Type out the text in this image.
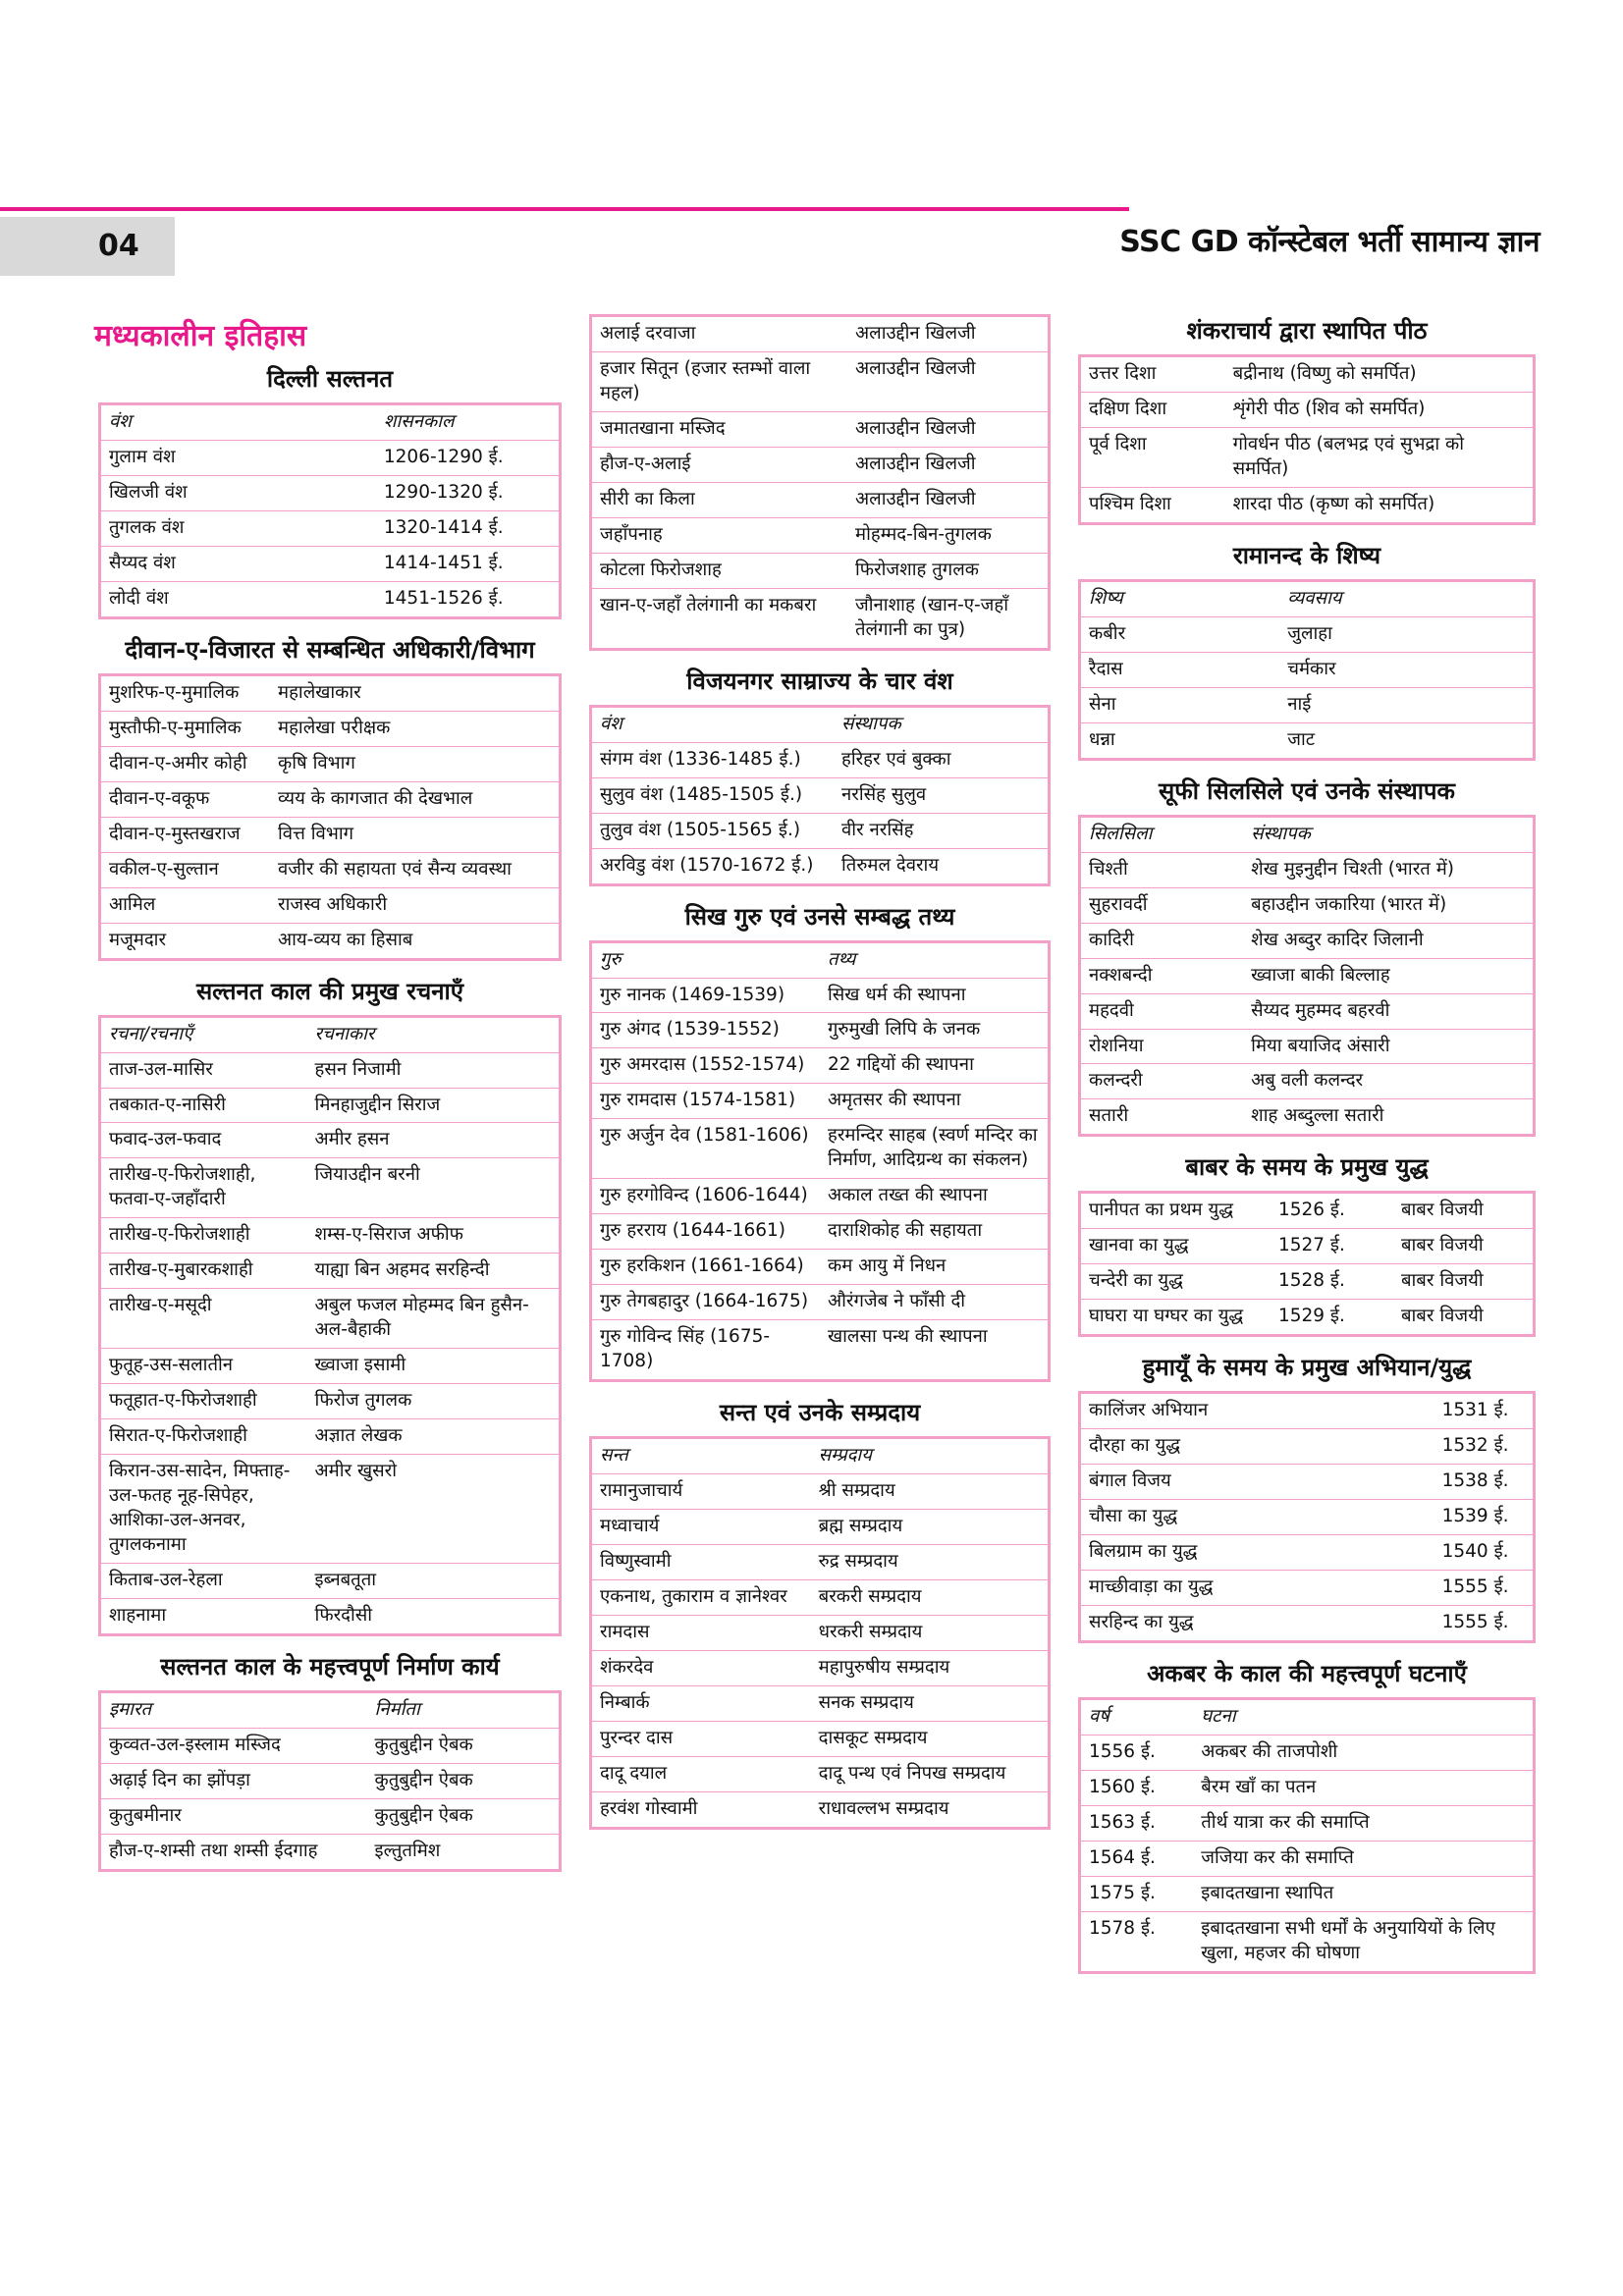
04	SSC GD कॉन्स्टेबल भर्ती सामान्य ज्ञान
मध्यकालीन इतिहास
दिल्ली सल्तनत
वंश	शासनकाल
गुलाम वंश	1206-1290 ई.
खिलजी वंश	1290-1320 ई.
तुगलक वंश	1320-1414 ई.
सैय्यद वंश	1414-1451 ई.
लोदी वंश	1451-1526 ई.
दीवान-ए-विजारत से सम्बन्धित अधिकारी/विभाग
मुशरिफ-ए-मुमालिक	महालेखाकार
मुस्तौफी-ए-मुमालिक	महालेखा परीक्षक
दीवान-ए-अमीर कोही	कृषि विभाग
दीवान-ए-वकूफ	व्यय के कागजात की देखभाल
दीवान-ए-मुस्तखराज	वित्त विभाग
वकील-ए-सुल्तान	वजीर की सहायता एवं सैन्य व्यवस्था
आमिल	राजस्व अधिकारी
मजूमदार	आय-व्यय का हिसाब
सल्तनत काल की प्रमुख रचनाएँ
रचना/रचनाएँ	रचनाकार
ताज-उल-मासिर	हसन निजामी
तबकात-ए-नासिरी	मिनहाजुद्दीन सिराज
फवाद-उल-फवाद	अमीर हसन
तारीख-ए-फिरोजशाही, फतवा-ए-जहाँदारी	जियाउद्दीन बरनी
तारीख-ए-फिरोजशाही	शम्स-ए-सिराज अफीफ
तारीख-ए-मुबारकशाही	याह्या बिन अहमद सरहिन्दी
तारीख-ए-मसूदी	अबुल फजल मोहम्मद बिन हुसैन-अल-बैहाकी
फुतूह-उस-सलातीन	ख्वाजा इसामी
फतूहात-ए-फिरोजशाही	फिरोज तुगलक
सिरात-ए-फिरोजशाही	अज्ञात लेखक
किरान-उस-सादेन, मिफ्ताह-उल-फतह नूह-सिपेहर, आशिका-उल-अनवर, तुगलकनामा	अमीर खुसरो
किताब-उल-रेहला	इब्नबतूता
शाहनामा	फिरदौसी
सल्तनत काल के महत्त्वपूर्ण निर्माण कार्य
इमारत	निर्माता
कुव्वत-उल-इस्लाम मस्जिद	कुतुबुद्दीन ऐबक
अढ़ाई दिन का झोंपड़ा	कुतुबुद्दीन ऐबक
कुतुबमीनार	कुतुबुद्दीन ऐबक
हौज-ए-शम्सी तथा शम्सी ईदगाह	इल्तुतमिश
अलाई दरवाजा	अलाउद्दीन खिलजी
हजार सितून (हजार स्तम्भों वाला महल)	अलाउद्दीन खिलजी
जमातखाना मस्जिद	अलाउद्दीन खिलजी
हौज-ए-अलाई	अलाउद्दीन खिलजी
सीरी का किला	अलाउद्दीन खिलजी
जहाँपनाह	मोहम्मद-बिन-तुगलक
कोटला फिरोजशाह	फिरोजशाह तुगलक
खान-ए-जहाँ तेलंगानी का मकबरा	जौनाशाह (खान-ए-जहाँ तेलंगानी का पुत्र)
विजयनगर साम्राज्य के चार वंश
वंश	संस्थापक
संगम वंश (1336-1485 ई.)	हरिहर एवं बुक्का
सुलुव वंश (1485-1505 ई.)	नरसिंह सुलुव
तुलुव वंश (1505-1565 ई.)	वीर नरसिंह
अरविडु वंश (1570-1672 ई.)	तिरुमल देवराय
सिख गुरु एवं उनसे सम्बद्ध तथ्य
गुरु	तथ्य
गुरु नानक (1469-1539)	सिख धर्म की स्थापना
गुरु अंगद (1539-1552)	गुरुमुखी लिपि के जनक
गुरु अमरदास (1552-1574)	22 गद्दियों की स्थापना
गुरु रामदास (1574-1581)	अमृतसर की स्थापना
गुरु अर्जुन देव (1581-1606)	हरमन्दिर साहब (स्वर्ण मन्दिर का निर्माण, आदिग्रन्थ का संकलन)
गुरु हरगोविन्द (1606-1644)	अकाल तख्त की स्थापना
गुरु हरराय (1644-1661)	दाराशिकोह की सहायता
गुरु हरकिशन (1661-1664)	कम आयु में निधन
गुरु तेगबहादुर (1664-1675)	औरंगजेब ने फाँसी दी
गुरु गोविन्द सिंह (1675-1708)	खालसा पन्थ की स्थापना
सन्त एवं उनके सम्प्रदाय
सन्त	सम्प्रदाय
रामानुजाचार्य	श्री सम्प्रदाय
मध्वाचार्य	ब्रह्म सम्प्रदाय
विष्णुस्वामी	रुद्र सम्प्रदाय
एकनाथ, तुकाराम व ज्ञानेश्वर	बरकरी सम्प्रदाय
रामदास	धरकरी सम्प्रदाय
शंकरदेव	महापुरुषीय सम्प्रदाय
निम्बार्क	सनक सम्प्रदाय
पुरन्दर दास	दासकूट सम्प्रदाय
दादू दयाल	दादू पन्थ एवं निपख सम्प्रदाय
हरवंश गोस्वामी	राधावल्लभ सम्प्रदाय
शंकराचार्य द्वारा स्थापित पीठ
उत्तर दिशा	बद्रीनाथ (विष्णु को समर्पित)
दक्षिण दिशा	शृंगेरी पीठ (शिव को समर्पित)
पूर्व दिशा	गोवर्धन पीठ (बलभद्र एवं सुभद्रा को समर्पित)
पश्चिम दिशा	शारदा पीठ (कृष्ण को समर्पित)
रामानन्द के शिष्य
शिष्य	व्यवसाय
कबीर	जुलाहा
रैदास	चर्मकार
सेना	नाई
धन्ना	जाट
सूफी सिलसिले एवं उनके संस्थापक
सिलसिला	संस्थापक
चिश्ती	शेख मुइनुद्दीन चिश्ती (भारत में)
सुहरावर्दी	बहाउद्दीन जकारिया (भारत में)
कादिरी	शेख अब्दुर कादिर जिलानी
नक्शबन्दी	ख्वाजा बाकी बिल्लाह
महदवी	सैय्यद मुहम्मद बहरवी
रोशनिया	मिया बयाजिद अंसारी
कलन्दरी	अबु वली कलन्दर
सतारी	शाह अब्दुल्ला सतारी
बाबर के समय के प्रमुख युद्ध
पानीपत का प्रथम युद्ध	1526 ई.	बाबर विजयी
खानवा का युद्ध	1527 ई.	बाबर विजयी
चन्देरी का युद्ध	1528 ई.	बाबर विजयी
घाघरा या घग्घर का युद्ध	1529 ई.	बाबर विजयी
हुमायूँ के समय के प्रमुख अभियान/युद्ध
कालिंजर अभियान	1531 ई.
दौरहा का युद्ध	1532 ई.
बंगाल विजय	1538 ई.
चौसा का युद्ध	1539 ई.
बिलग्राम का युद्ध	1540 ई.
माच्छीवाड़ा का युद्ध	1555 ई.
सरहिन्द का युद्ध	1555 ई.
अकबर के काल की महत्त्वपूर्ण घटनाएँ
वर्ष	घटना
1556 ई.	अकबर की ताजपोशी
1560 ई.	बैरम खाँ का पतन
1563 ई.	तीर्थ यात्रा कर की समाप्ति
1564 ई.	जजिया कर की समाप्ति
1575 ई.	इबादतखाना स्थापित
1578 ई.	इबादतखाना सभी धर्मों के अनुयायियों के लिए खुला, महजर की घोषणा
